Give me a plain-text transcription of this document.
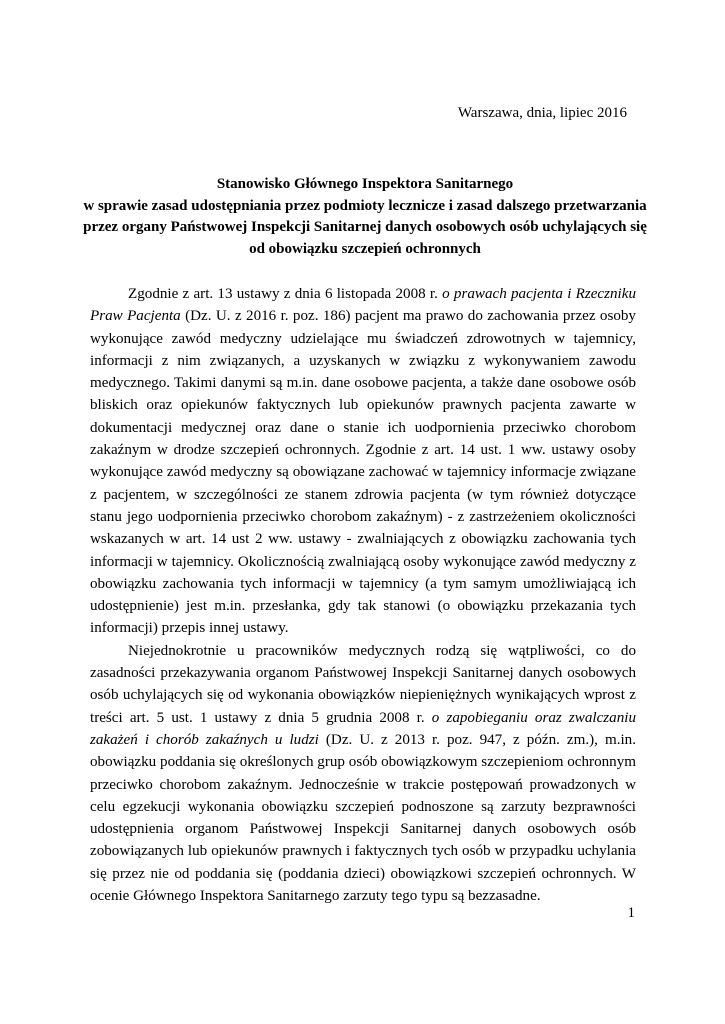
Warszawa, dnia, lipiec 2016
Stanowisko Głównego Inspektora Sanitarnego
w sprawie zasad udostępniania przez podmioty lecznicze i zasad dalszego przetwarzania
przez organy Państwowej Inspekcji Sanitarnej danych osobowych osób uchylających się
od obowiązku szczepień ochronnych

Zgodnie z art. 13 ustawy z dnia 6 listopada 2008 r. o prawach pacjenta i Rzeczniku Praw Pacjenta (Dz. U. z 2016 r. poz. 186) pacjent ma prawo do zachowania przez osoby wykonujące zawód medyczny udzielające mu świadczeń zdrowotnych w tajemnicy, informacji z nim związanych, a uzyskanych w związku z wykonywaniem zawodu medycznego. Takimi danymi są m.in. dane osobowe pacjenta, a także dane osobowe osób bliskich oraz opiekunów faktycznych lub opiekunów prawnych pacjenta zawarte w dokumentacji medycznej oraz dane o stanie ich uodpornienia przeciwko chorobom zakaźnym w drodze szczepień ochronnych. Zgodnie z art. 14 ust. 1 ww. ustawy osoby wykonujące zawód medyczny są obowiązane zachować w tajemnicy informacje związane z pacjentem, w szczególności ze stanem zdrowia pacjenta (w tym również dotyczące stanu jego uodpornienia przeciwko chorobom zakaźnym) - z zastrzeżeniem okoliczności wskazanych w art. 14 ust 2 ww. ustawy - zwalniających z obowiązku zachowania tych informacji w tajemnicy. Okolicznością zwalniającą osoby wykonujące zawód medyczny z obowiązku zachowania tych informacji w tajemnicy (a tym samym umożliwiającą ich udostępnienie) jest m.in. przesłanka, gdy tak stanowi (o obowiązku przekazania tych informacji) przepis innej ustawy.

Niejednokrotnie u pracowników medycznych rodzą się wątpliwości, co do zasadności przekazywania organom Państwowej Inspekcji Sanitarnej danych osobowych osób uchylających się od wykonania obowiązków niepieniężnych wynikających wprost z treści art. 5 ust. 1 ustawy z dnia 5 grudnia 2008 r. o zapobieganiu oraz zwalczaniu zakażeń i chorób zakaźnych u ludzi (Dz. U. z 2013 r. poz. 947, z późn. zm.), m.in. obowiązku poddania się określonych grup osób obowiązkowym szczepieniom ochronnym przeciwko chorobom zakaźnym. Jednocześnie w trakcie postępowań prowadzonych w celu egzekucji wykonania obowiązku szczepień podnoszone są zarzuty bezprawności udostępnienia organom Państwowej Inspekcji Sanitarnej danych osobowych osób zobowiązanych lub opiekunów prawnych i faktycznych tych osób w przypadku uchylania się przez nie od poddania się (poddania dzieci) obowiązkowi szczepień ochronnych. W ocenie Głównego Inspektora Sanitarnego zarzuty tego typu są bezzasadne.

1
